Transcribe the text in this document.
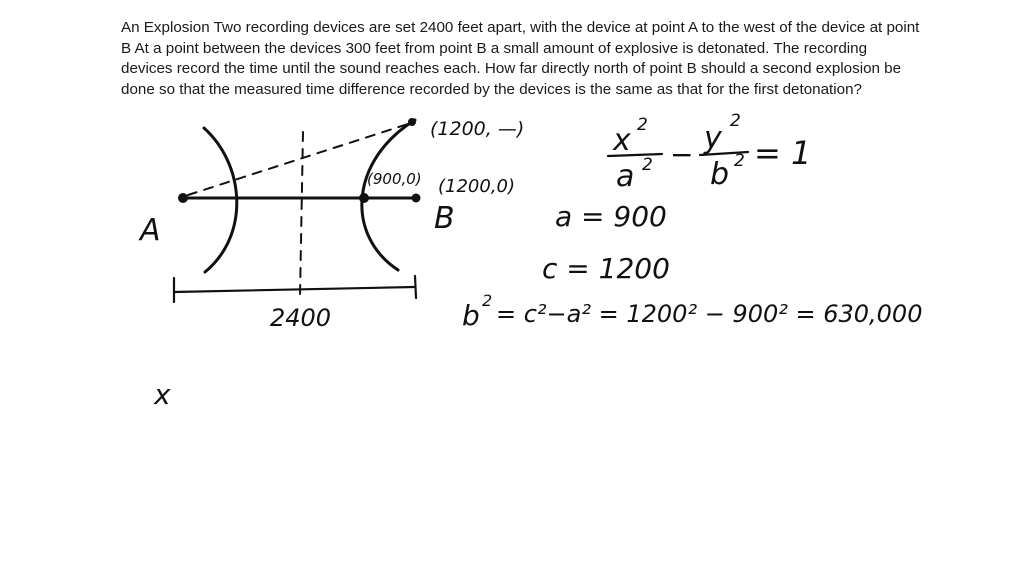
An Explosion Two recording devices are set 2400 feet apart, with the device at point A to the west of the device at point B At a point between the devices 300 feet from point B a small amount of explosive is detonated. The recording devices record the time until the sound reaches each. How far directly north of point B should a second explosion be done so that the measured time difference recorded by the devices is the same as that for the first detonation?

A	B
(1200, —)
(900,0) (1200,0)
2400
x 2
a 2 − y 2
b 2 = 1
a = 900
c = 1200
b 2 = c²−a² = 1200² − 900² = 630,000
x
